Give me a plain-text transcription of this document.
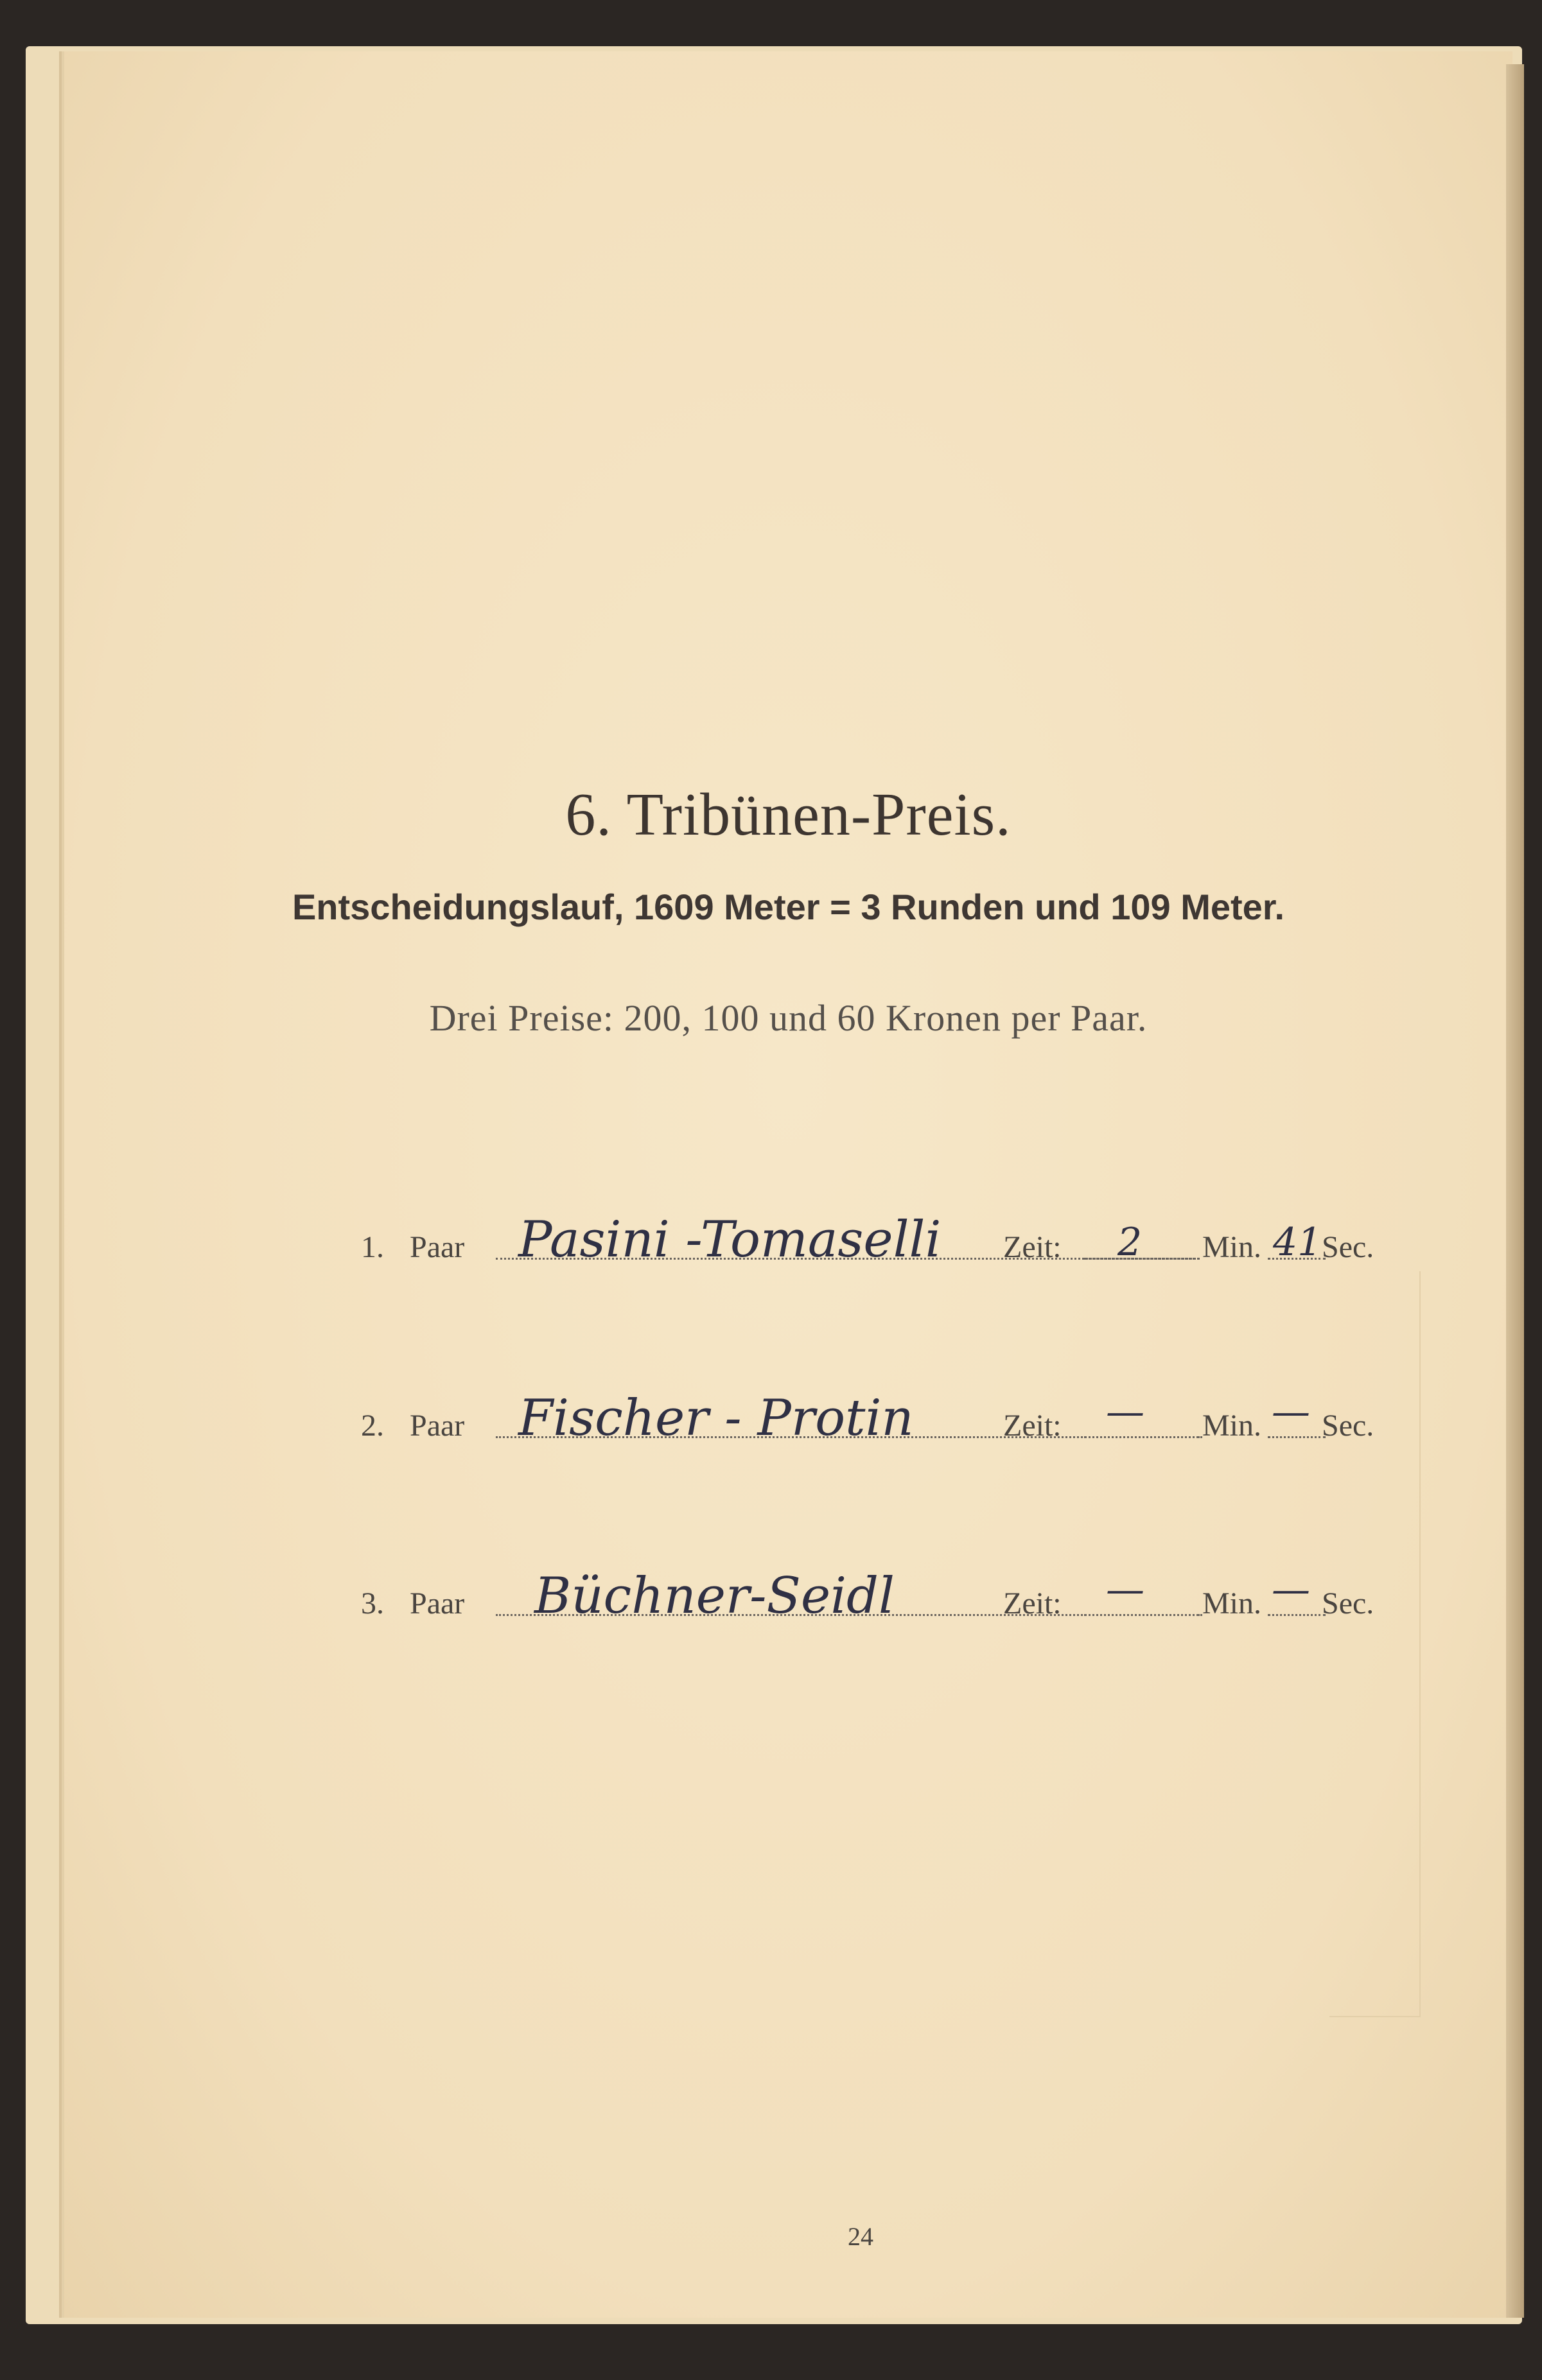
6. Tribünen-Preis.
Entscheidungslauf, 1609 Meter = 3 Runden und 109 Meter.
Drei Preise: 200, 100 und 60 Kronen per Paar.
1. Paar Pasini -Tomaselli Zeit: 2 Min. 41 Sec.
2. Paar Fischer - Protin	Zeit: — Min. — Sec.
3. Paar Büchner-Seidl	Zeit: — Min. — Sec.
24
